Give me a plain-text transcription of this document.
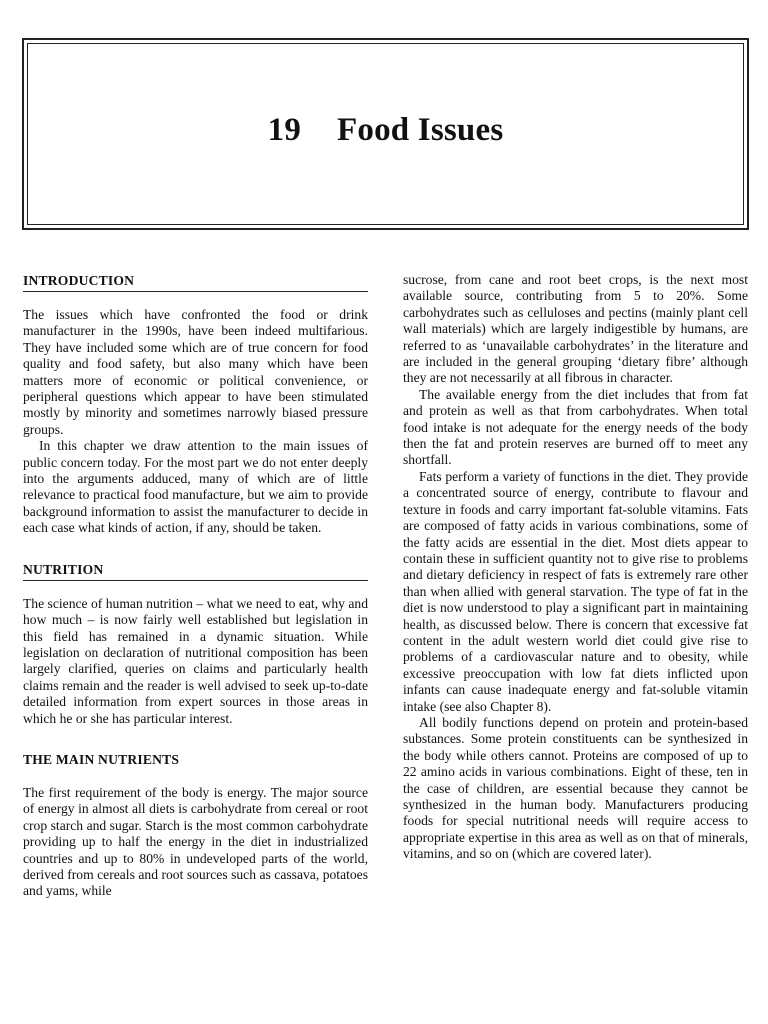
19 Food Issues
INTRODUCTION

The issues which have confronted the food or drink manufacturer in the 1990s, have been indeed multifarious. They have included some which are of true concern for food quality and food safety, but also many which have been matters more of economic or political convenience, or peripheral questions which appear to have been stimulated mostly by minority and sometimes narrowly biased pressure groups.

In this chapter we draw attention to the main issues of public concern today. For the most part we do not enter deeply into the arguments adduced, many of which are of little relevance to practical food manufacture, but we aim to provide background information to assist the manufacturer to decide in each case what kinds of action, if any, should be taken.

NUTRITION

The science of human nutrition – what we need to eat, why and how much – is now fairly well established but legislation in this field has remained in a dynamic situation. While legislation on declaration of nutritional composition has been largely clarified, queries on claims and particularly health claims remain and the reader is well advised to seek up-to-date detailed information from expert sources in those areas in which he or she has particular interest.

THE MAIN NUTRIENTS

The first requirement of the body is energy. The major source of energy in almost all diets is carbohydrate from cereal or root crop starch and sugar. Starch is the most common carbohydrate providing up to half the energy in the diet in industrialized countries and up to 80% in undeveloped parts of the world, derived from cereals and root sources such as cassava, potatoes and yams, while

sucrose, from cane and root beet crops, is the next most available source, contributing from 5 to 20%. Some carbohydrates such as celluloses and pectins (mainly plant cell wall materials) which are largely indigestible by humans, are referred to as ‘unavailable carbohydrates’ in the literature and are included in the general grouping ‘dietary fibre’ although they are not necessarily at all fibrous in character.

The available energy from the diet includes that from fat and protein as well as that from carbohydrates. When total food intake is not adequate for the energy needs of the body then the fat and protein reserves are burned off to meet any shortfall.

Fats perform a variety of functions in the diet. They provide a concentrated source of energy, contribute to flavour and texture in foods and carry important fat-soluble vitamins. Fats are composed of fatty acids in various combinations, some of the fatty acids are essential in the diet. Most diets appear to contain these in sufficient quantity not to give rise to problems and dietary deficiency in respect of fats is extremely rare other than when allied with general starvation. The type of fat in the diet is now understood to play a significant part in maintaining health, as discussed below. There is concern that excessive fat content in the adult western world diet could give rise to problems of a cardiovascular nature and to obesity, while excessive preoccupation with low fat diets inflicted upon infants can cause inadequate energy and fat-soluble vitamin intake (see also Chapter 8).

All bodily functions depend on protein and protein-based substances. Some protein constituents can be synthesized in the body while others cannot. Proteins are composed of up to 22 amino acids in various combinations. Eight of these, ten in the case of children, are essential because they cannot be synthesized in the human body. Manufacturers producing foods for special nutritional needs will require access to appropriate expertise in this area as well as on that of minerals, vitamins, and so on (which are covered later).
